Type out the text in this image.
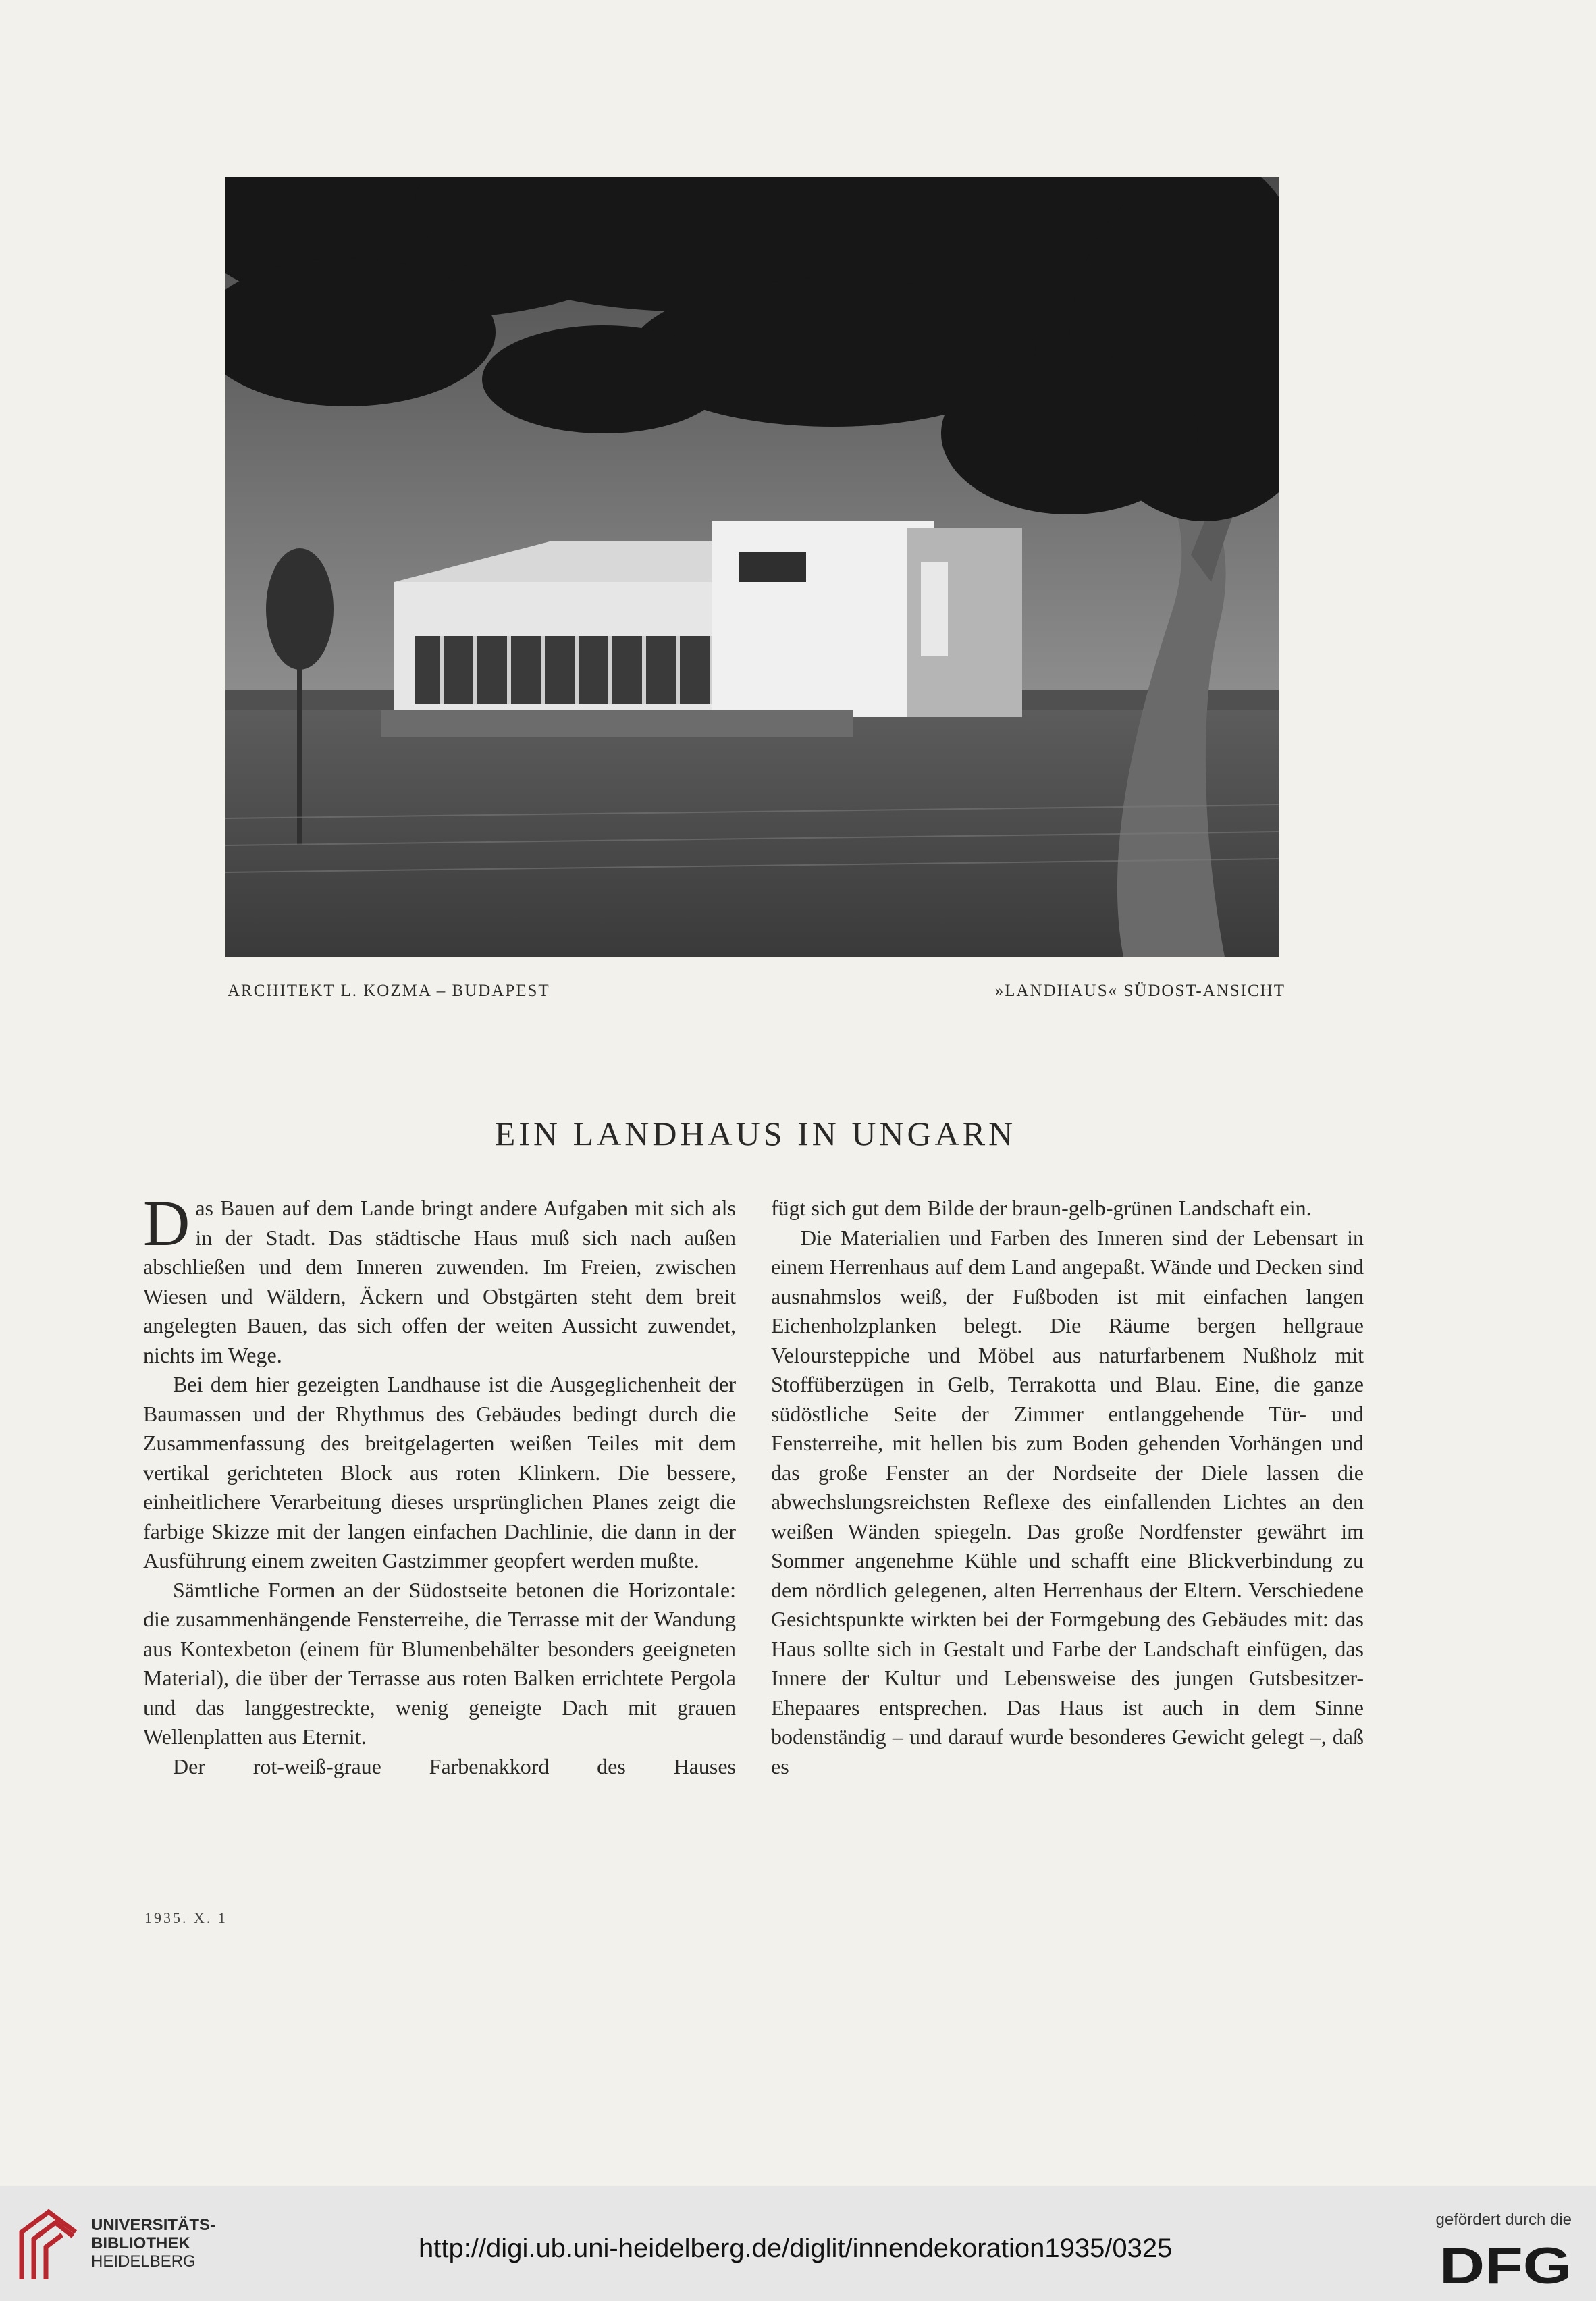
ARCHITEKT L. KOZMA – BUDAPEST	»LANDHAUS« SÜDOST-ANSICHT
EIN LANDHAUS IN UNGARN

Das Bauen auf dem Lande bringt andere Aufgaben mit sich als in der Stadt. Das städtische Haus muß sich nach außen abschließen und dem Inneren zuwenden. Im Freien, zwischen Wiesen und Wäldern, Äckern und Obstgärten steht dem breit angelegten Bauen, das sich offen der weiten Aussicht zuwendet, nichts im Wege.

Bei dem hier gezeigten Landhause ist die Ausgeglichenheit der Baumassen und der Rhythmus des Gebäudes bedingt durch die Zusammenfassung des breitgelagerten weißen Teiles mit dem vertikal gerichteten Block aus roten Klinkern. Die bessere, einheitlichere Verarbeitung dieses ursprünglichen Planes zeigt die farbige Skizze mit der langen einfachen Dachlinie, die dann in der Ausführung einem zweiten Gastzimmer geopfert werden mußte.

Sämtliche Formen an der Südostseite betonen die Horizontale: die zusammenhängende Fensterreihe, die Terrasse mit der Wandung aus Kontexbeton (einem für Blumenbehälter besonders geeigneten Material), die über der Terrasse aus roten Balken errichtete Pergola und das langgestreckte, wenig geneigte Dach mit grauen Wellenplatten aus Eternit.

Der rot-weiß-graue Farbenakkord des Hauses

fügt sich gut dem Bilde der braun-gelb-grünen Landschaft ein.

Die Materialien und Farben des Inneren sind der Lebensart in einem Herrenhaus auf dem Land angepaßt. Wände und Decken sind ausnahmslos weiß, der Fußboden ist mit einfachen langen Eichenholzplanken belegt. Die Räume bergen hellgraue Veloursteppiche und Möbel aus naturfarbenem Nußholz mit Stoffüberzügen in Gelb, Terrakotta und Blau. Eine, die ganze südöstliche Seite der Zimmer entlanggehende Tür- und Fensterreihe, mit hellen bis zum Boden gehenden Vorhängen und das große Fenster an der Nordseite der Diele lassen die abwechslungsreichsten Reflexe des einfallenden Lichtes an den weißen Wänden spiegeln. Das große Nordfenster gewährt im Sommer angenehme Kühle und schafft eine Blickverbindung zu dem nördlich gelegenen, alten Herrenhaus der Eltern. Verschiedene Gesichtspunkte wirkten bei der Formgebung des Gebäudes mit: das Haus sollte sich in Gestalt und Farbe der Landschaft einfügen, das Innere der Kultur und Lebensweise des jungen Gutsbesitzer-Ehepaares entsprechen. Das Haus ist auch in dem Sinne bodenständig – und darauf wurde besonderes Gewicht gelegt –, daß es

1935. X. 1
UNIVERSITÄTS-
BIBLIOTHEK
HEIDELBERG	http://digi.ub.uni-heidelberg.de/diglit/innendekoration1935/0325
gefördert durch die
DFG
